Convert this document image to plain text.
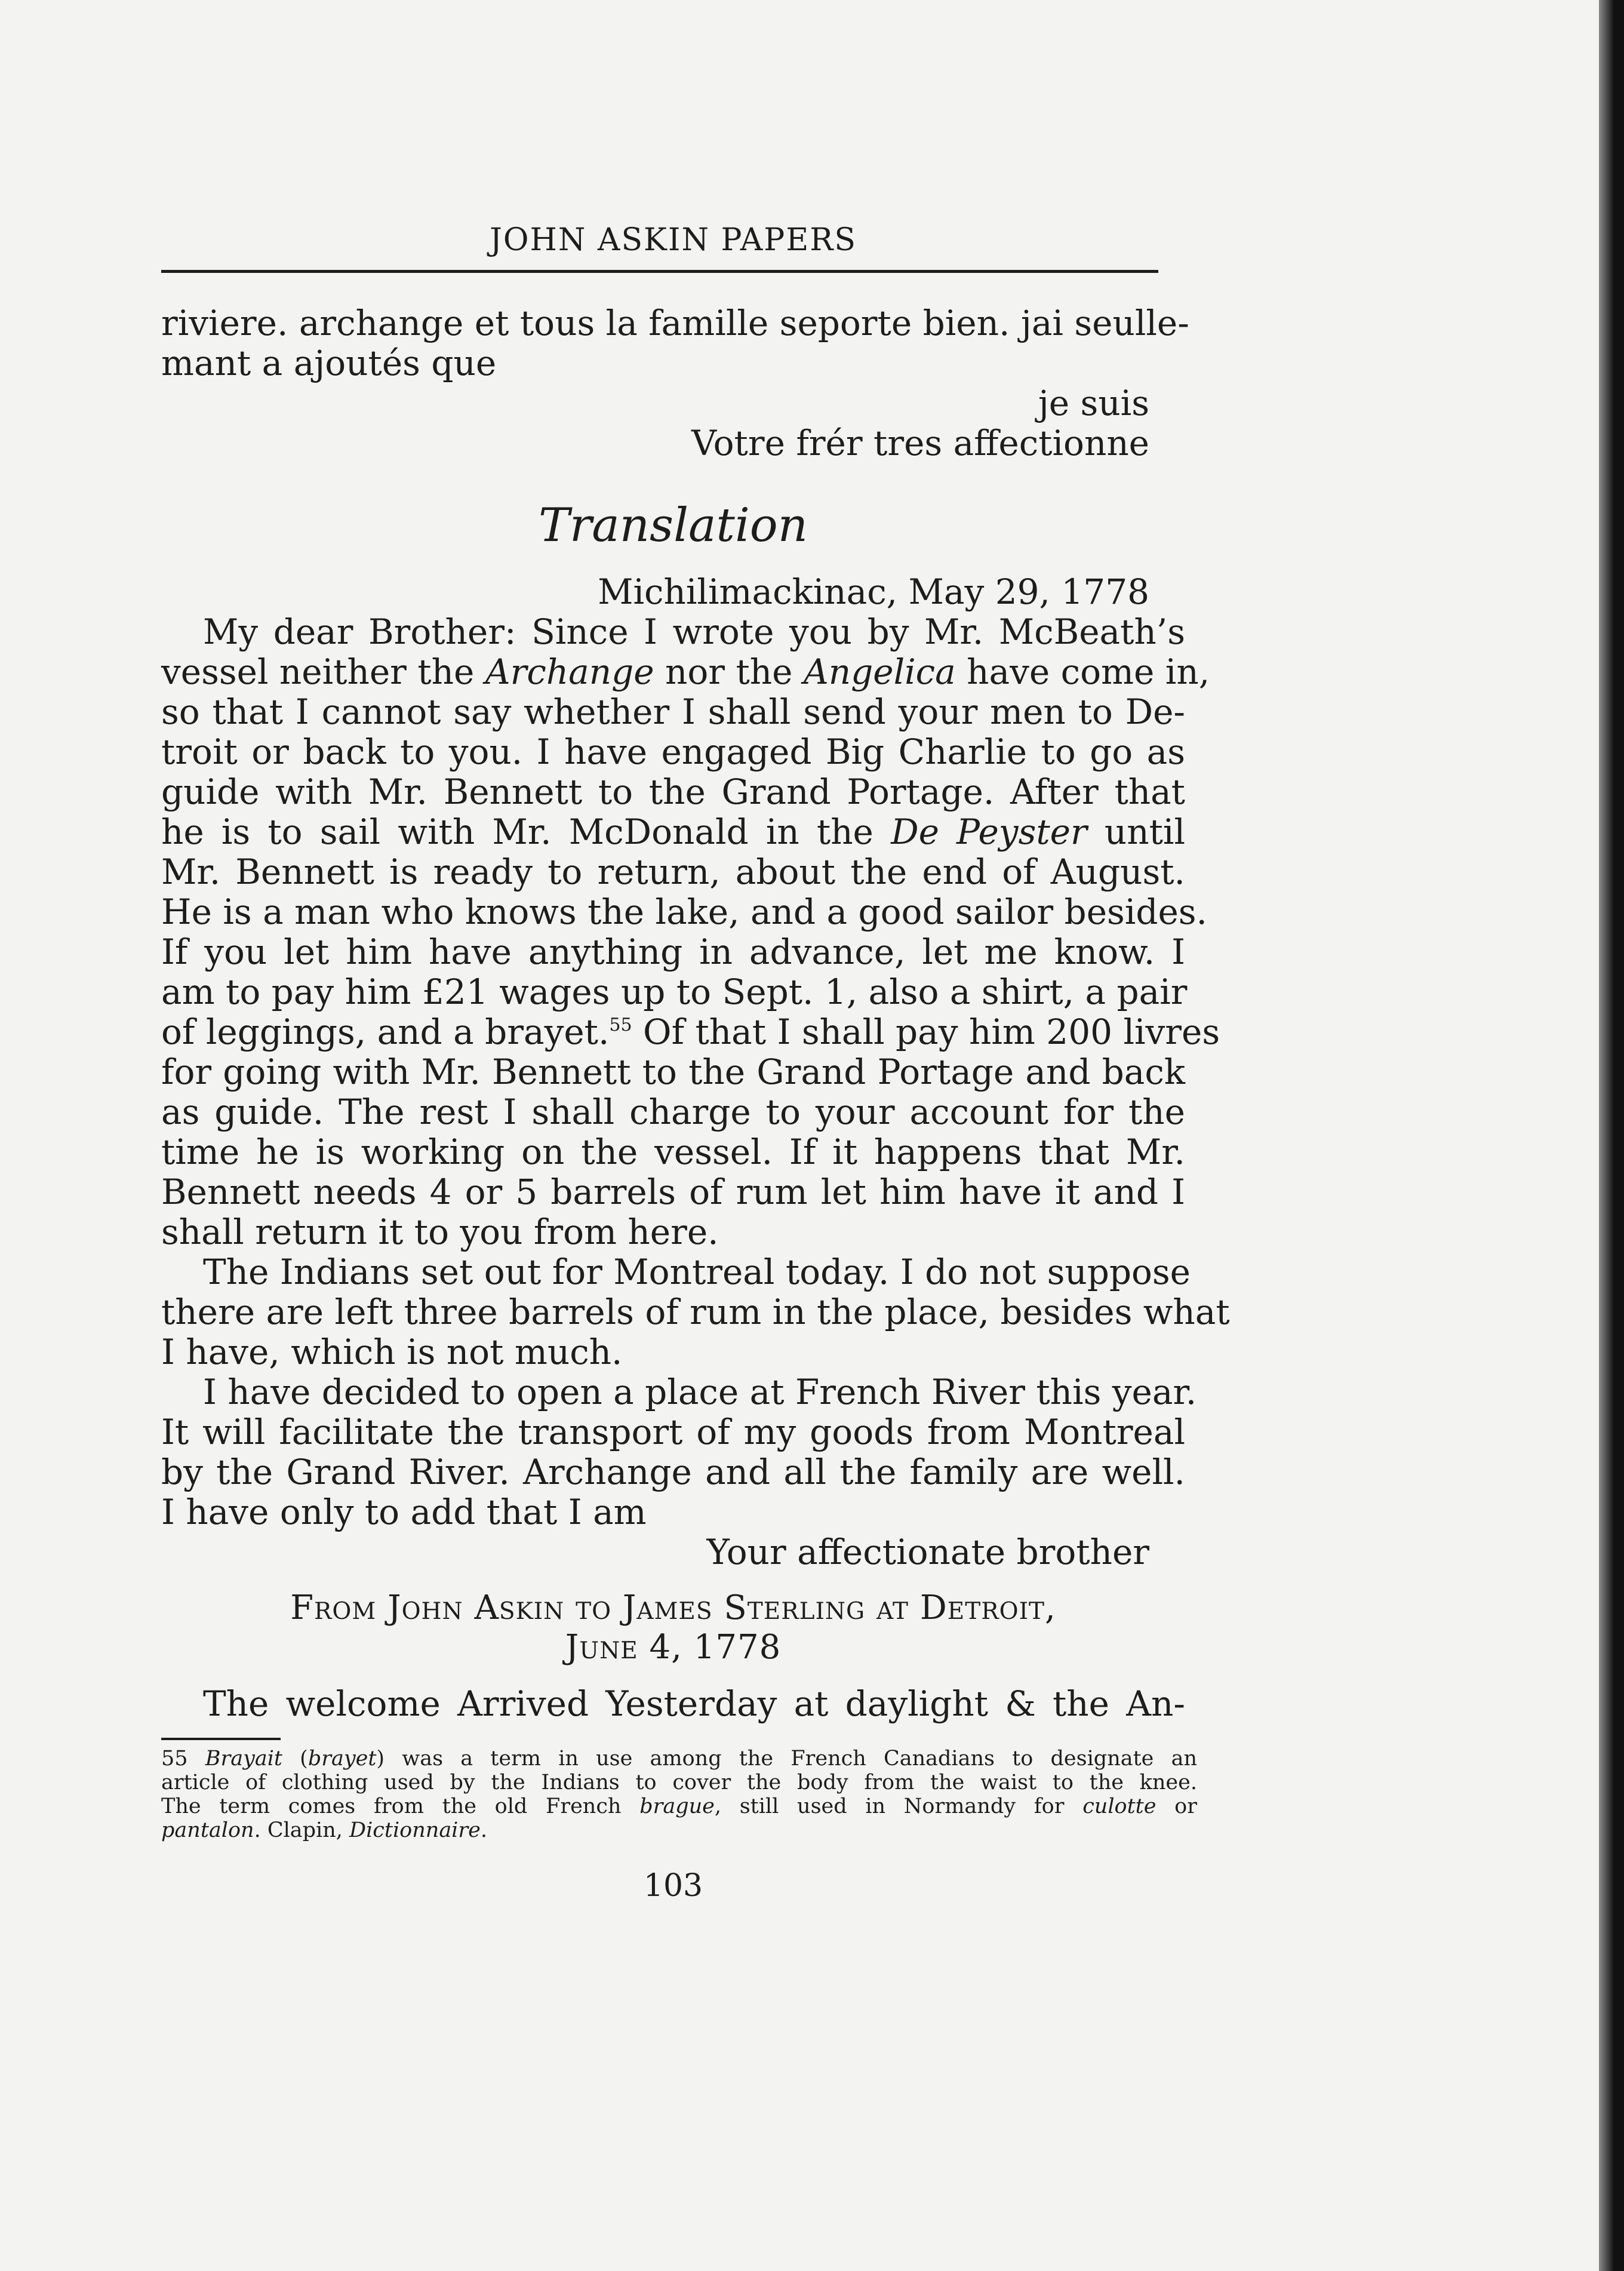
JOHN ASKIN PAPERS
riviere. archange et tous la famille seporte bien. jai seulle-
mant a ajoutés que
je suis
Votre frér tres affectionne
Translation
Michilimackinac, May 29, 1778
My dear Brother: Since I wrote you by Mr. McBeath’s
vessel neither the Archange nor the Angelica have come in,
so that I cannot say whether I shall send your men to De-
troit or back to you. I have engaged Big Charlie to go as
guide with Mr. Bennett to the Grand Portage. After that
he is to sail with Mr. McDonald in the De Peyster until
Mr. Bennett is ready to return, about the end of August.
He is a man who knows the lake, and a good sailor besides.
If you let him have anything in advance, let me know. I
am to pay him £21 wages up to Sept. 1, also a shirt, a pair
of leggings, and a brayet.$^{55}$ Of that I shall pay him 200 livres
for going with Mr. Bennett to the Grand Portage and back
as guide. The rest I shall charge to your account for the
time he is working on the vessel. If it happens that Mr.
Bennett needs 4 or 5 barrels of rum let him have it and I
shall return it to you from here.
The Indians set out for Montreal today. I do not suppose
there are left three barrels of rum in the place, besides what
I have, which is not much.
I have decided to open a place at French River this year.
It will facilitate the transport of my goods from Montreal
by the Grand River. Archange and all the family are well.
I have only to add that I am
Your affectionate brother
From John Askin to James Sterling at Detroit,
June 4, 1778
The welcome Arrived Yesterday at daylight & the An-
55 Brayait (brayet) was a term in use among the French Canadians to designate an
article of clothing used by the Indians to cover the body from the waist to the knee.
The term comes from the old French brague, still used in Normandy for culotte or
pantalon. Clapin, Dictionnaire.
103
